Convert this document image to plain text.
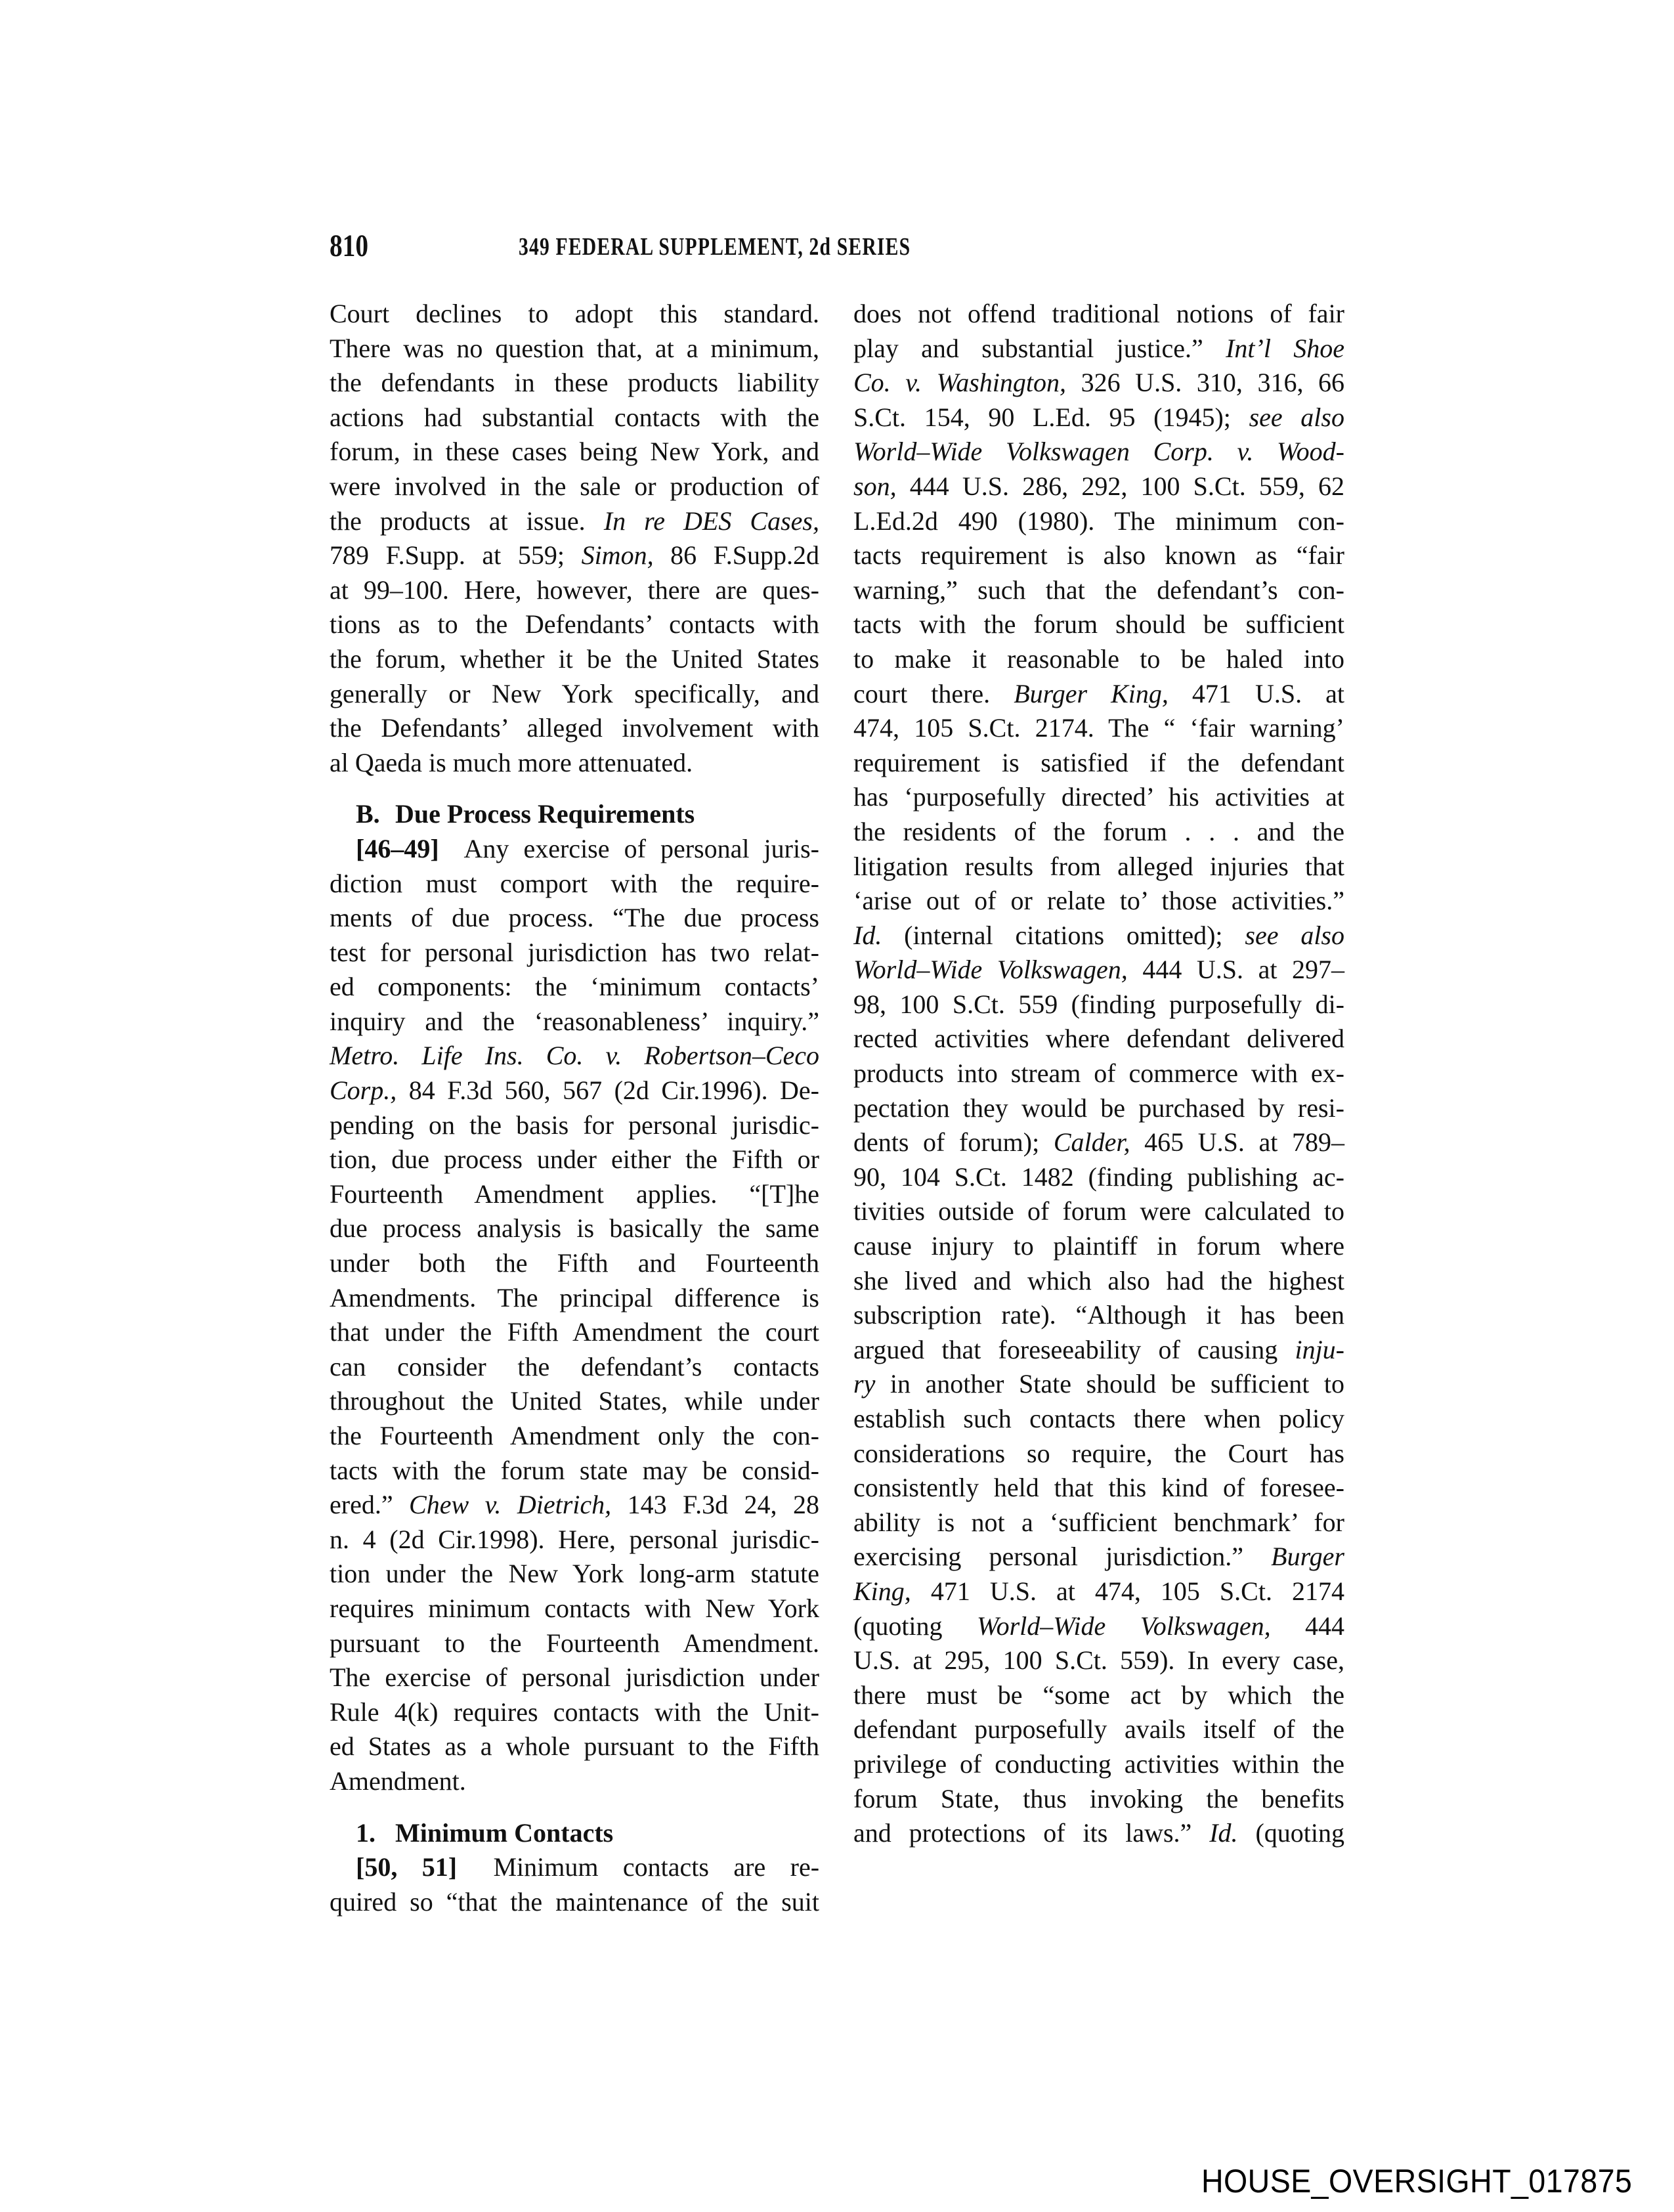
810	349 FEDERAL SUPPLEMENT, 2d SERIES
Court declines to adopt this standard.
There was no question that, at a minimum,
the defendants in these products liability
actions had substantial contacts with the
forum, in these cases being New York, and
were involved in the sale or production of
the products at issue. In re DES Cases,
789 F.Supp. at 559; Simon, 86 F.Supp.2d
at 99–100. Here, however, there are ques-
tions as to the Defendants’ contacts with
the forum, whether it be the United States
generally or New York specifically, and
the Defendants’ alleged involvement with
al Qaeda is much more attenuated.
B. Due Process Requirements
[46–49] Any exercise of personal juris-
diction must comport with the require-
ments of due process. “The due process
test for personal jurisdiction has two relat-
ed components: the ‘minimum contacts’
inquiry and the ‘reasonableness’ inquiry.”
Metro. Life Ins. Co. v. Robertson–Ceco
Corp., 84 F.3d 560, 567 (2d Cir.1996). De-
pending on the basis for personal jurisdic-
tion, due process under either the Fifth or
Fourteenth Amendment applies. “[T]he
due process analysis is basically the same
under both the Fifth and Fourteenth
Amendments. The principal difference is
that under the Fifth Amendment the court
can consider the defendant’s contacts
throughout the United States, while under
the Fourteenth Amendment only the con-
tacts with the forum state may be consid-
ered.” Chew v. Dietrich, 143 F.3d 24, 28
n. 4 (2d Cir.1998). Here, personal jurisdic-
tion under the New York long-arm statute
requires minimum contacts with New York
pursuant to the Fourteenth Amendment.
The exercise of personal jurisdiction under
Rule 4(k) requires contacts with the Unit-
ed States as a whole pursuant to the Fifth
Amendment.
1. Minimum Contacts
[50, 51] Minimum contacts are re-
quired so “that the maintenance of the suit
does not offend traditional notions of fair
play and substantial justice.” Int’l Shoe
Co. v. Washington, 326 U.S. 310, 316, 66
S.Ct. 154, 90 L.Ed. 95 (1945); see also
World–Wide Volkswagen Corp. v. Wood-
son, 444 U.S. 286, 292, 100 S.Ct. 559, 62
L.Ed.2d 490 (1980). The minimum con-
tacts requirement is also known as “fair
warning,” such that the defendant’s con-
tacts with the forum should be sufficient
to make it reasonable to be haled into
court there. Burger King, 471 U.S. at
474, 105 S.Ct. 2174. The “ ‘fair warning’
requirement is satisfied if the defendant
has ‘purposefully directed’ his activities at
the residents of the forum . . . and the
litigation results from alleged injuries that
‘arise out of or relate to’ those activities.”
Id. (internal citations omitted); see also
World–Wide Volkswagen, 444 U.S. at 297–
98, 100 S.Ct. 559 (finding purposefully di-
rected activities where defendant delivered
products into stream of commerce with ex-
pectation they would be purchased by resi-
dents of forum); Calder, 465 U.S. at 789–
90, 104 S.Ct. 1482 (finding publishing ac-
tivities outside of forum were calculated to
cause injury to plaintiff in forum where
she lived and which also had the highest
subscription rate). “Although it has been
argued that foreseeability of causing inju-
ry in another State should be sufficient to
establish such contacts there when policy
considerations so require, the Court has
consistently held that this kind of foresee-
ability is not a ‘sufficient benchmark’ for
exercising personal jurisdiction.” Burger
King, 471 U.S. at 474, 105 S.Ct. 2174
(quoting World–Wide Volkswagen, 444
U.S. at 295, 100 S.Ct. 559). In every case,
there must be “some act by which the
defendant purposefully avails itself of the
privilege of conducting activities within the
forum State, thus invoking the benefits
and protections of its laws.” Id. (quoting
HOUSE_OVERSIGHT_017875
